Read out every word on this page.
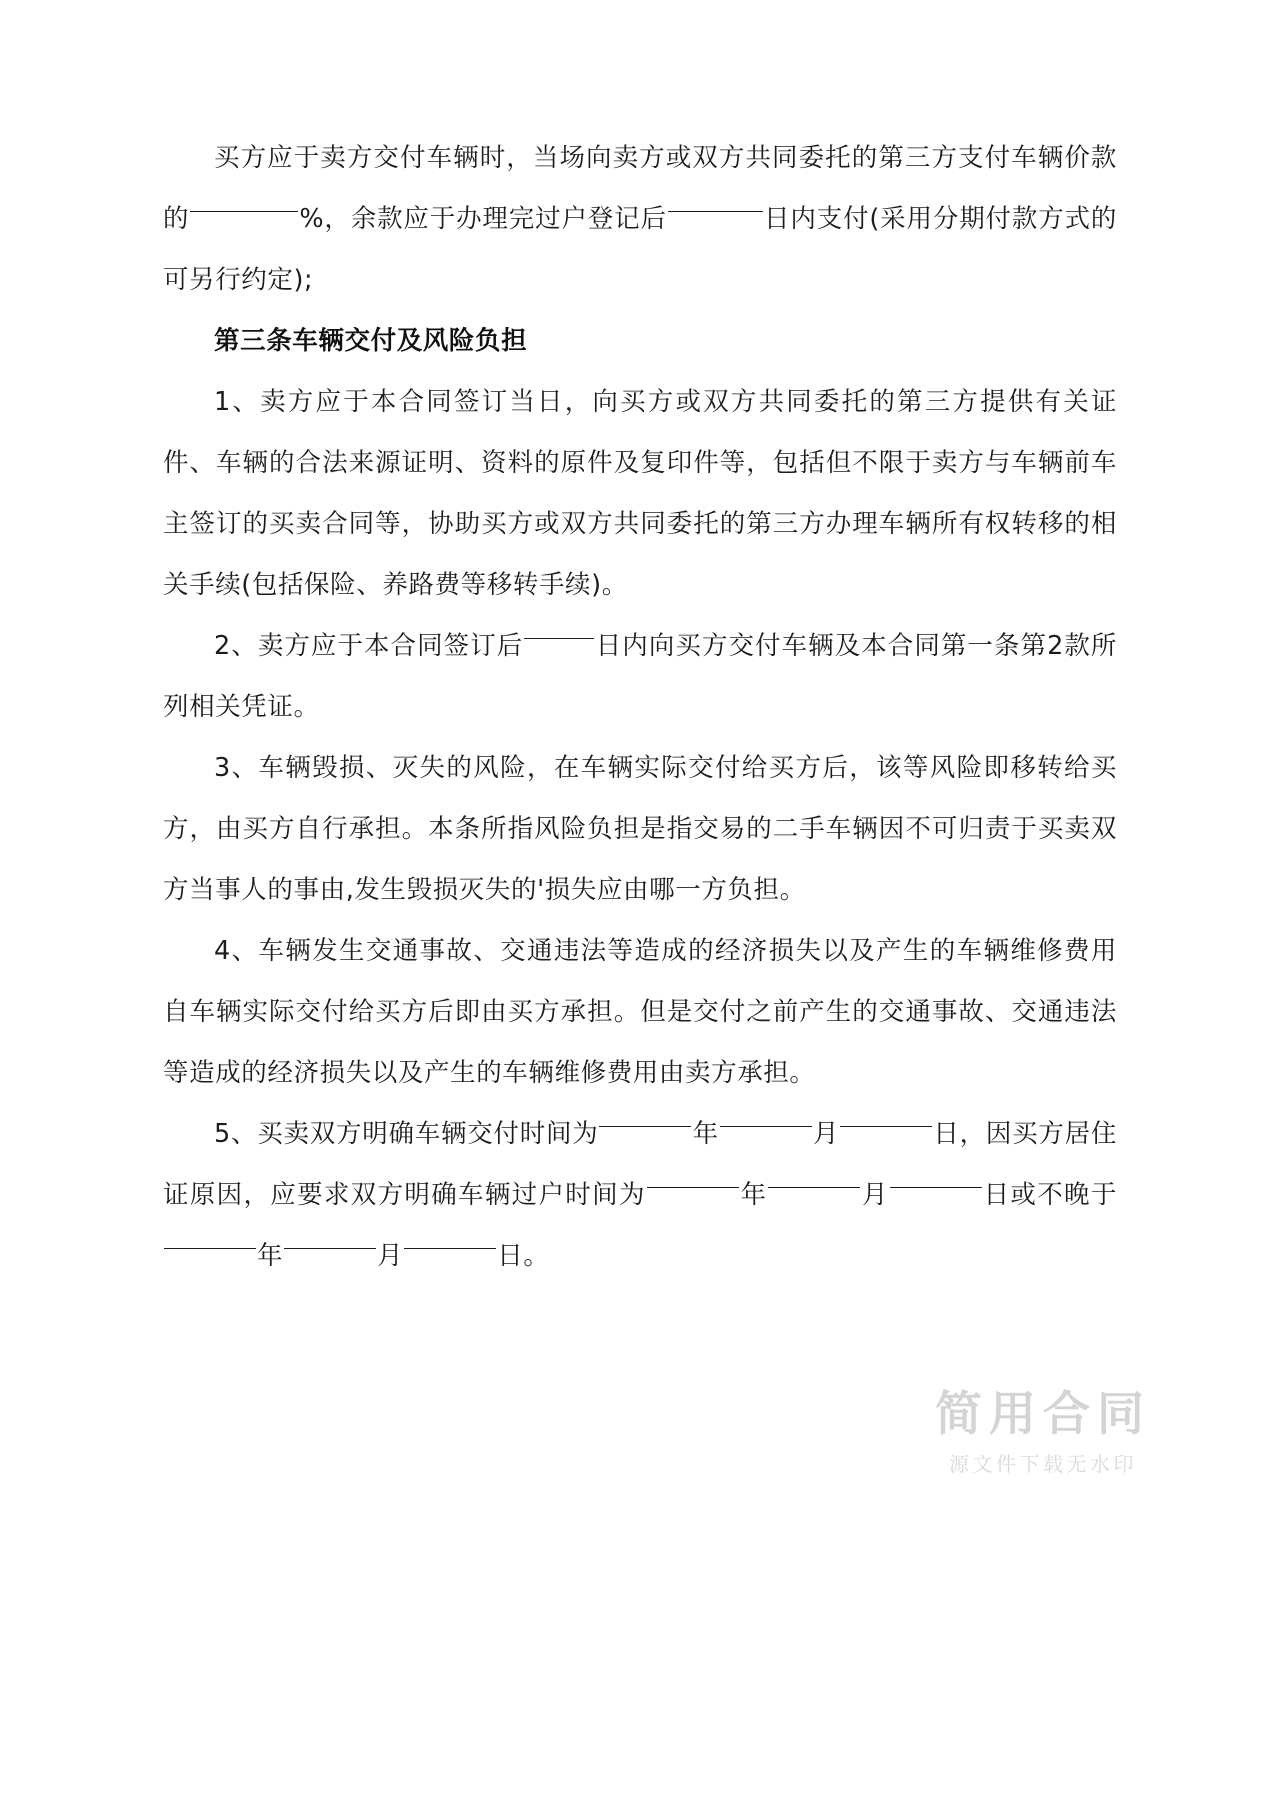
买方应于卖方交付车辆时，当场向卖方或双方共同委托的第三方支付车辆价款的	%，余款应于办理完过户登记后	日内支付(采用分期付款方式的可另行约定);
第三条车辆交付及风险负担
1、卖方应于本合同签订当日，向买方或双方共同委托的第三方提供有关证件、车辆的合法来源证明、资料的原件及复印件等，包括但不限于卖方与车辆前车主签订的买卖合同等，协助买方或双方共同委托的第三方办理车辆所有权转移的相关手续(包括保险、养路费等移转手续)。
2、卖方应于本合同签订后	日内向买方交付车辆及本合同第一条第2款所列相关凭证。
3、车辆毁损、灭失的风险，在车辆实际交付给买方后，该等风险即移转给买方，由买方自行承担。本条所指风险负担是指交易的二手车辆因不可归责于买卖双方当事人的事由,发生毁损灭失的'损失应由哪一方负担。
4、车辆发生交通事故、交通违法等造成的经济损失以及产生的车辆维修费用自车辆实际交付给买方后即由买方承担。但是交付之前产生的交通事故、交通违法等造成的经济损失以及产生的车辆维修费用由卖方承担。
5、买卖双方明确车辆交付时间为	年	月	日，因买方居住证原因，应要求双方明确车辆过户时间为	年	月	日或不晚于 年	月	日。
简用合同
源文件下载无水印
